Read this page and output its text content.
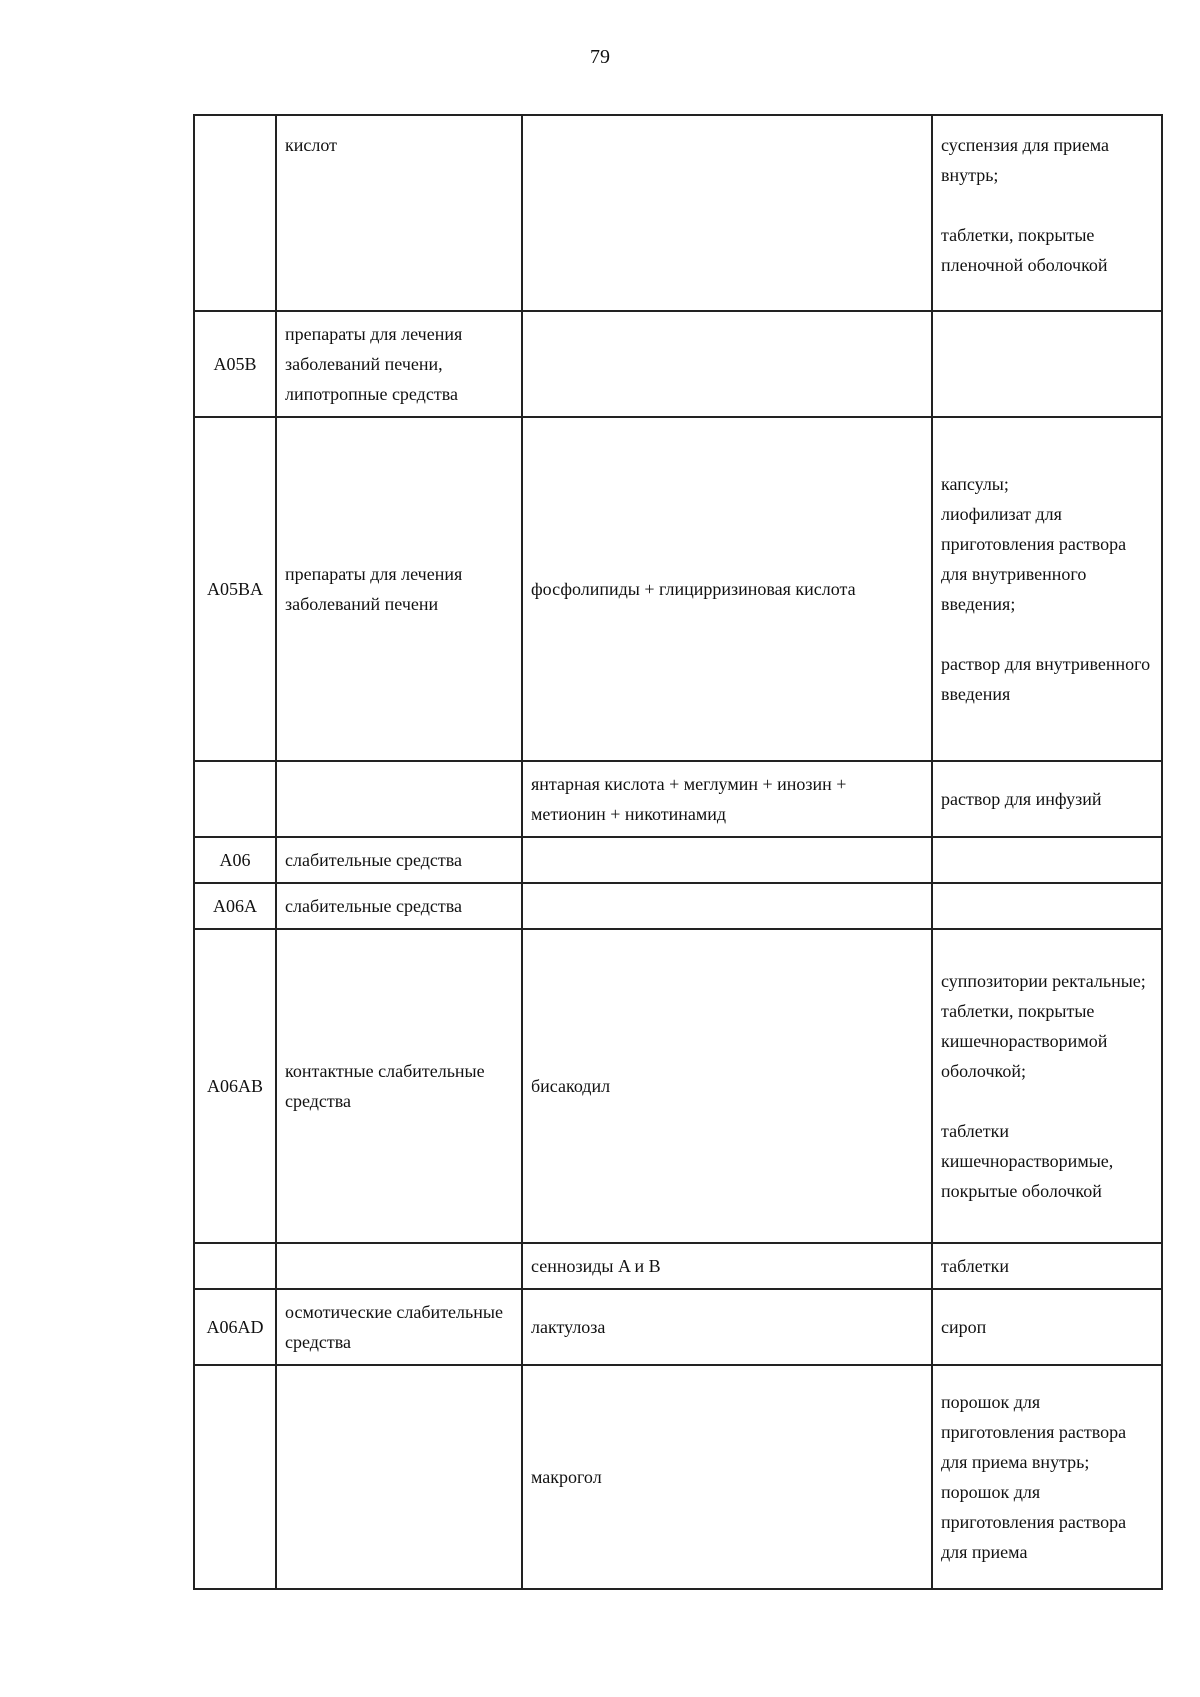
79
	кислот		суспензия для приема внутрь;
таблетки, покрытые пленочной оболочкой

A05B	препараты для лечения заболеваний печени, липотропные средства		
A05BA	препараты для лечения заболеваний печени	фосфолипиды + глицирризиновая кислота	капсулы;
лиофилизат для приготовления раствора для внутривенного введения;
раствор для внутривенного введения

		янтарная кислота + меглумин + инозин + метионин + никотинамид	раствор для инфузий

A06	слабительные средства		
A06A	слабительные средства		
A06AB	контактные слабительные средства	бисакодил	суппозитории ректальные;
таблетки, покрытые кишечнорастворимой оболочкой;
таблетки кишечнорастворимые, покрытые оболочкой

		сеннозиды A и B	таблетки

A06AD	осмотические слабительные средства	лактулоза	сироп

		макрогол	порошок для приготовления раствора для приема внутрь;
порошок для приготовления раствора для приема
